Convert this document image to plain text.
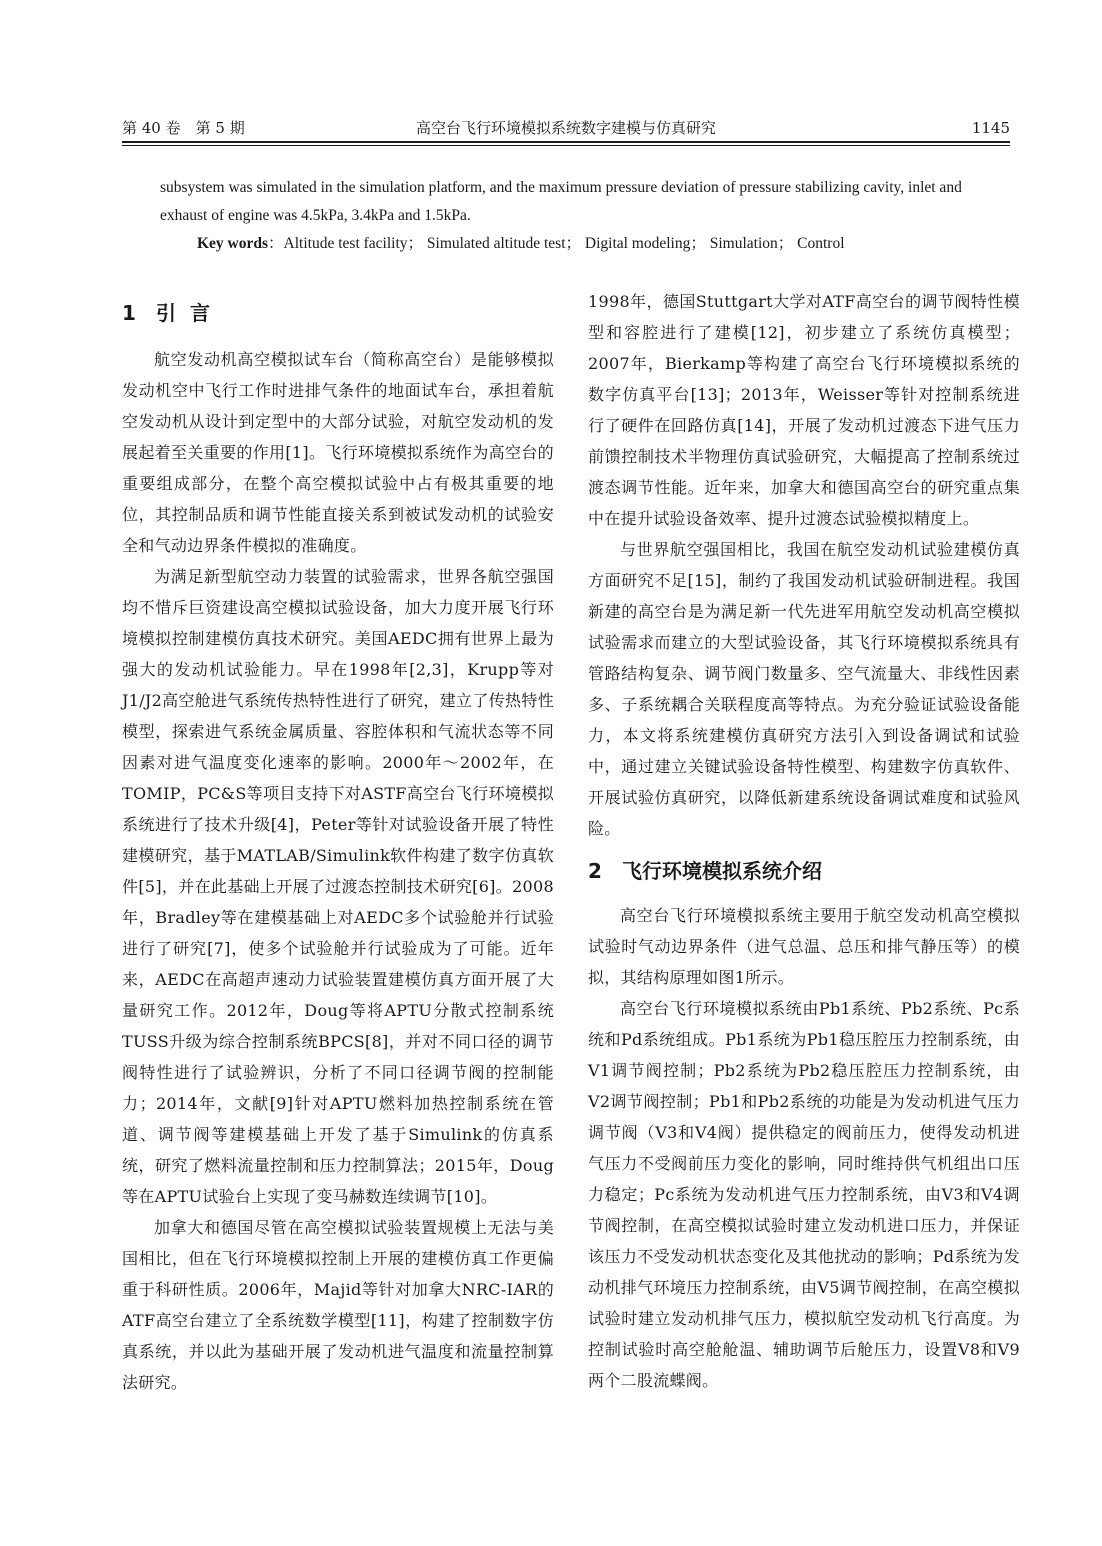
第 40 卷　第 5 期	高空台飞行环境模拟系统数字建模与仿真研究	1145

subsystem was simulated in the simulation platform, and the maximum pressure deviation of pressure stabilizing cavity, inlet and exhaust of engine was 4.5kPa, 3.4kPa and 1.5kPa.

Key words：Altitude test facility； Simulated altitude test； Digital modeling； Simulation； Control

1 引言

航空发动机高空模拟试车台（简称高空台）是能够模拟发动机空中飞行工作时进排气条件的地面试车台，承担着航空发动机从设计到定型中的大部分试验，对航空发动机的发展起着至关重要的作用[1]。飞行环境模拟系统作为高空台的重要组成部分，在整个高空模拟试验中占有极其重要的地位，其控制品质和调节性能直接关系到被试发动机的试验安全和气动边界条件模拟的准确度。

为满足新型航空动力装置的试验需求，世界各航空强国均不惜斥巨资建设高空模拟试验设备，加大力度开展飞行环境模拟控制建模仿真技术研究。美国AEDC拥有世界上最为强大的发动机试验能力。早在1998年[2,3]，Krupp等对J1/J2高空舱进气系统传热特性进行了研究，建立了传热特性模型，探索进气系统金属质量、容腔体积和气流状态等不同因素对进气温度变化速率的影响。2000年～2002年，在TOMIP，PC&S等项目支持下对ASTF高空台飞行环境模拟系统进行了技术升级[4]，Peter等针对试验设备开展了特性建模研究，基于MATLAB/Simulink软件构建了数字仿真软件[5]，并在此基础上开展了过渡态控制技术研究[6]。2008年，Bradley等在建模基础上对AEDC多个试验舱并行试验进行了研究[7]，使多个试验舱并行试验成为了可能。近年来，AEDC在高超声速动力试验装置建模仿真方面开展了大量研究工作。2012年，Doug等将APTU分散式控制系统TUSS升级为综合控制系统BPCS[8]，并对不同口径的调节阀特性进行了试验辨识，分析了不同口径调节阀的控制能力；2014年，文献[9]针对APTU燃料加热控制系统在管道、调节阀等建模基础上开发了基于Simulink的仿真系统，研究了燃料流量控制和压力控制算法；2015年，Doug等在APTU试验台上实现了变马赫数连续调节[10]。

加拿大和德国尽管在高空模拟试验装置规模上无法与美国相比，但在飞行环境模拟控制上开展的建模仿真工作更偏重于科研性质。2006年，Majid等针对加拿大NRC-IAR的ATF高空台建立了全系统数学模型[11]，构建了控制数字仿真系统，并以此为基础开展了发动机进气温度和流量控制算法研究。

1998年，德国Stuttgart大学对ATF高空台的调节阀特性模型和容腔进行了建模[12]，初步建立了系统仿真模型；2007年，Bierkamp等构建了高空台飞行环境模拟系统的数字仿真平台[13]；2013年，Weisser等针对控制系统进行了硬件在回路仿真[14]，开展了发动机过渡态下进气压力前馈控制技术半物理仿真试验研究，大幅提高了控制系统过渡态调节性能。近年来，加拿大和德国高空台的研究重点集中在提升试验设备效率、提升过渡态试验模拟精度上。

与世界航空强国相比，我国在航空发动机试验建模仿真方面研究不足[15]，制约了我国发动机试验研制进程。我国新建的高空台是为满足新一代先进军用航空发动机高空模拟试验需求而建立的大型试验设备，其飞行环境模拟系统具有管路结构复杂、调节阀门数量多、空气流量大、非线性因素多、子系统耦合关联程度高等特点。为充分验证试验设备能力，本文将系统建模仿真研究方法引入到设备调试和试验中，通过建立关键试验设备特性模型、构建数字仿真软件、开展试验仿真研究，以降低新建系统设备调试难度和试验风险。

2 飞行环境模拟系统介绍

高空台飞行环境模拟系统主要用于航空发动机高空模拟试验时气动边界条件（进气总温、总压和排气静压等）的模拟，其结构原理如图1所示。

高空台飞行环境模拟系统由Pb1系统、Pb2系统、Pc系统和Pd系统组成。Pb1系统为Pb1稳压腔压力控制系统，由V1调节阀控制；Pb2系统为Pb2稳压腔压力控制系统，由V2调节阀控制；Pb1和Pb2系统的功能是为发动机进气压力调节阀（V3和V4阀）提供稳定的阀前压力，使得发动机进气压力不受阀前压力变化的影响，同时维持供气机组出口压力稳定；Pc系统为发动机进气压力控制系统，由V3和V4调节阀控制，在高空模拟试验时建立发动机进口压力，并保证该压力不受发动机状态变化及其他扰动的影响；Pd系统为发动机排气环境压力控制系统，由V5调节阀控制，在高空模拟试验时建立发动机排气压力，模拟航空发动机飞行高度。为控制试验时高空舱舱温、辅助调节后舱压力，设置V8和V9两个二股流蝶阀。
